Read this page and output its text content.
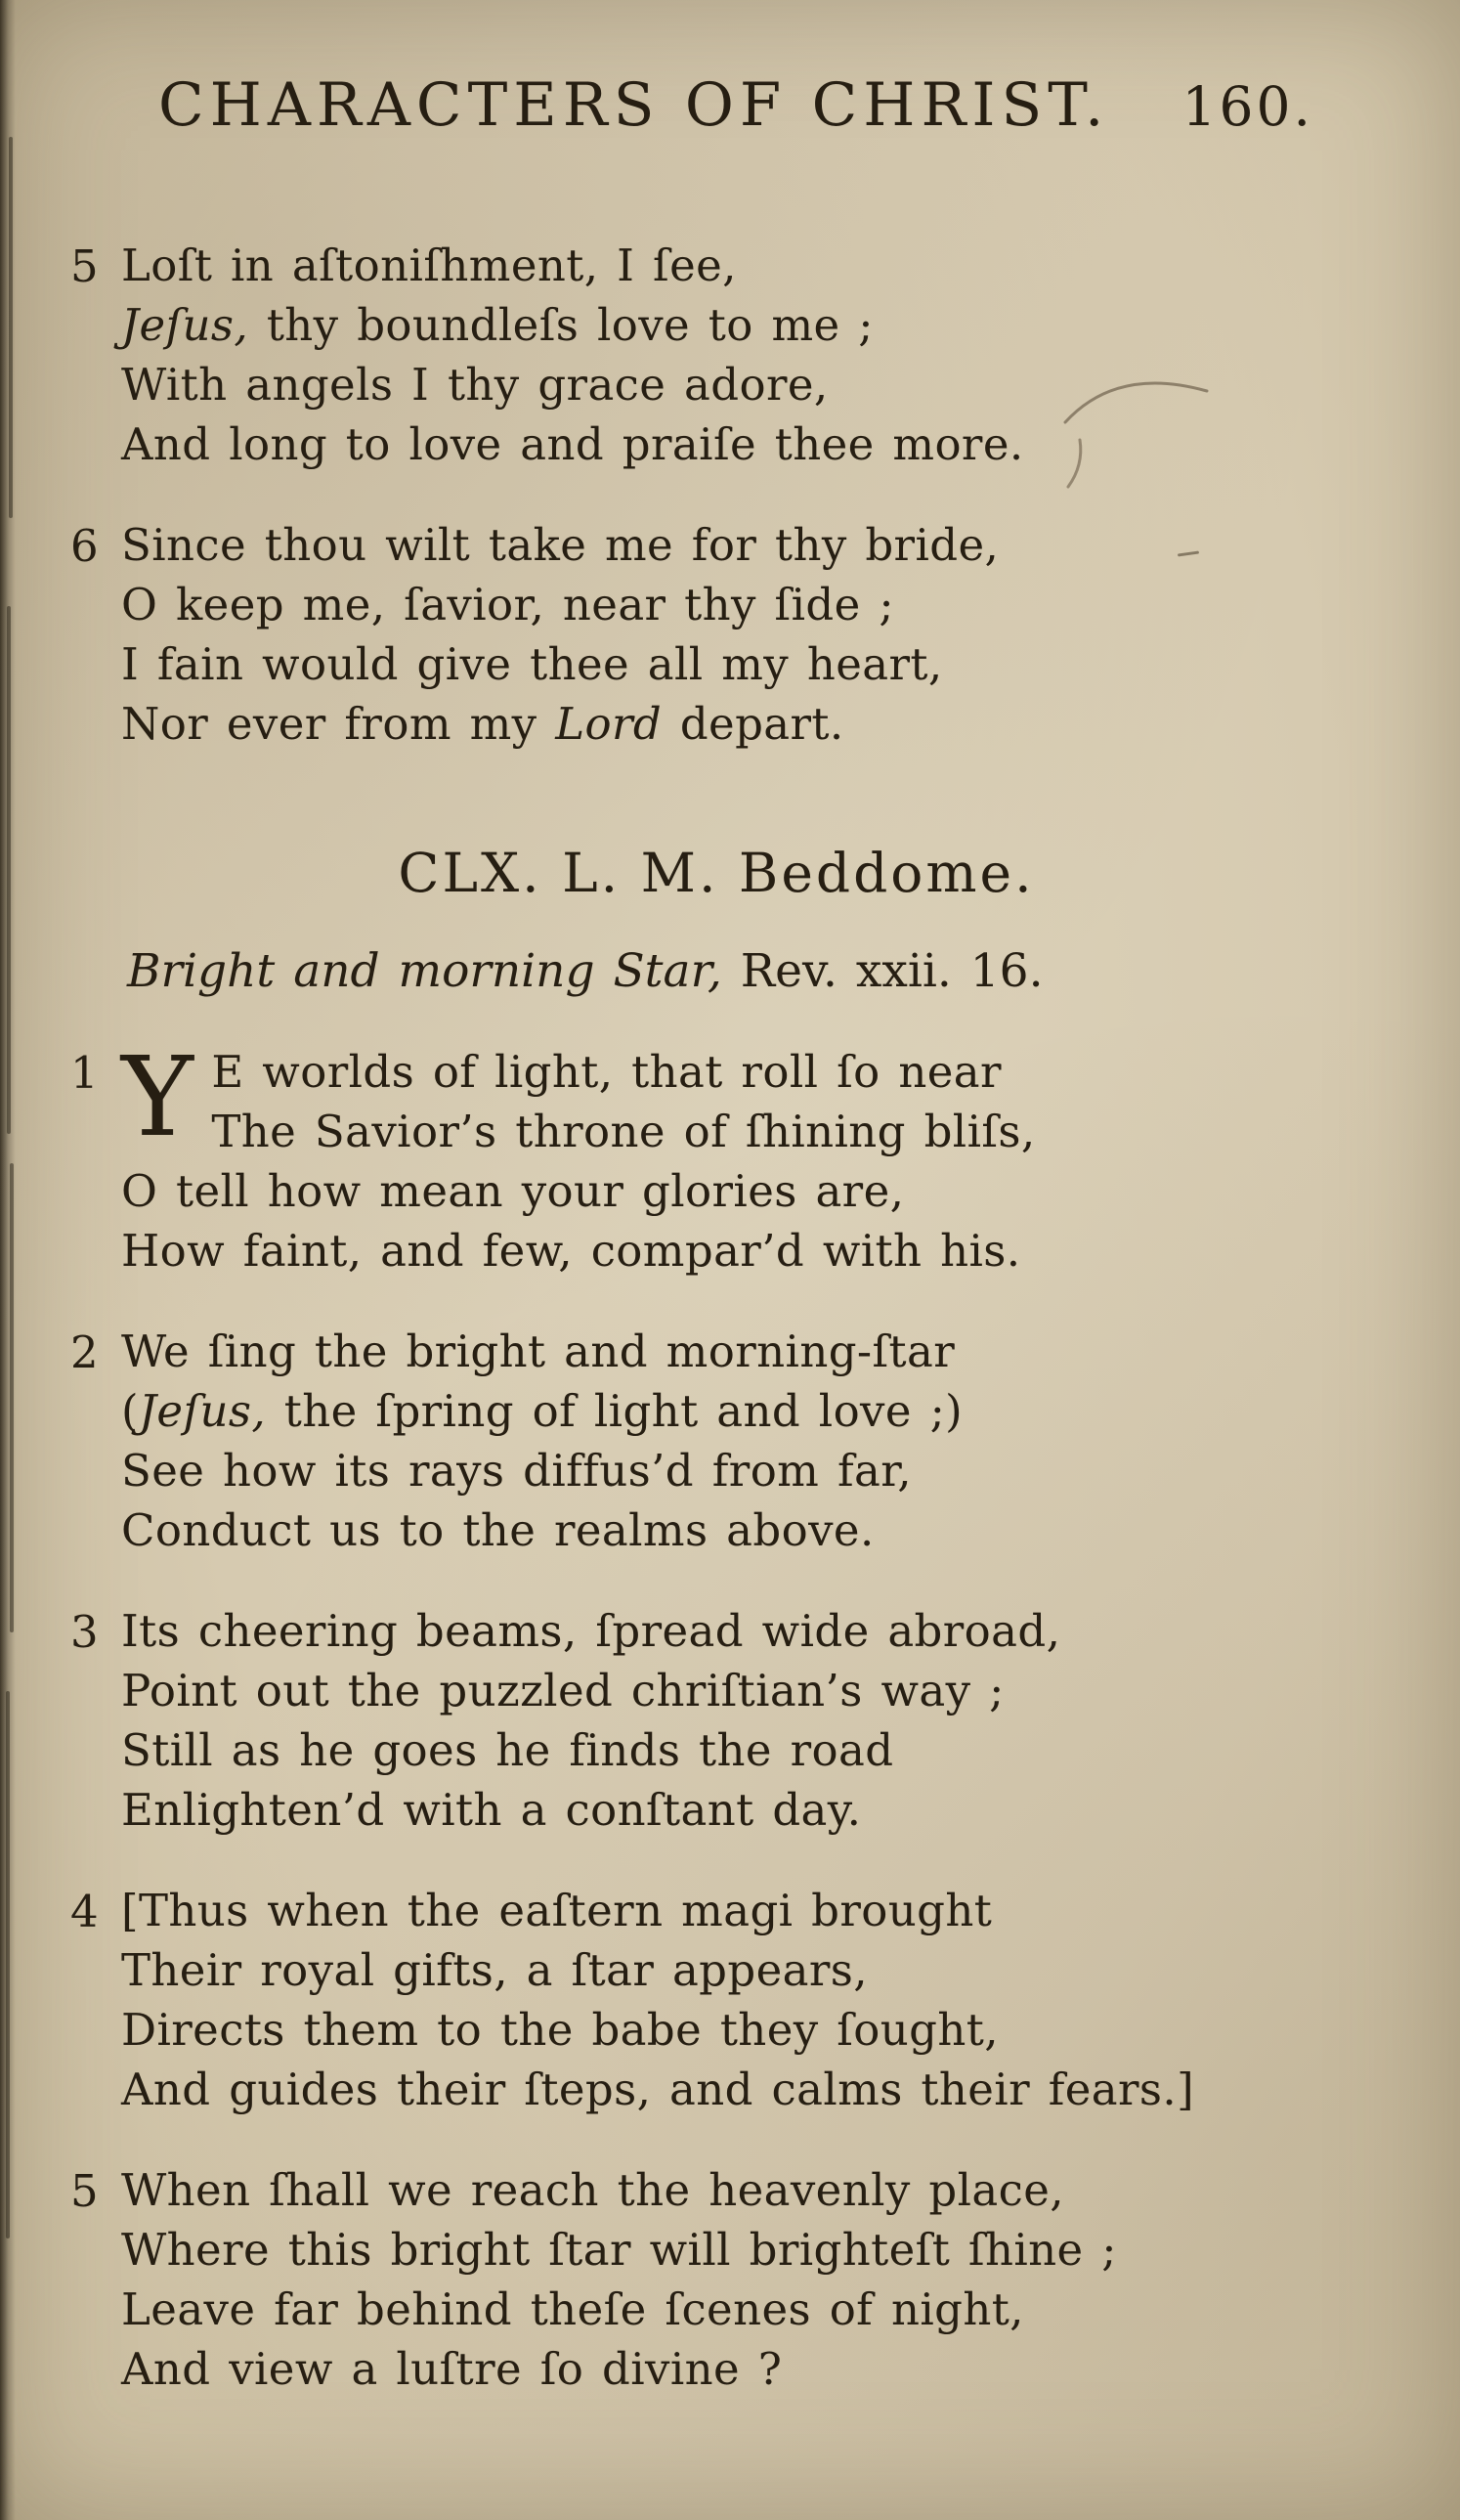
CHARACTERS OF CHRIST. 160.
5 Loſt in aſtoniſhment, I ſee,
Jeſus, thy boundleſs love to me ;
With angels I thy grace adore,
And long to love and praiſe thee more.
6 Since thou wilt take me for thy bride,
O keep me, ſavior, near thy ſide ;
I fain would give thee all my heart,
Nor ever from my Lord depart.
CLX. L. M. Beddome.
Bright and morning Star, Rev. xxii. 16.
1 Y E worlds of light, that roll ſo near
The Savior’s throne of ſhining bliſs,
O tell how mean your glories are,
How faint, and few, compar’d with his.
2 We ſing the bright and morning-ſtar
(Jeſus, the ſpring of light and love ;)
See how its rays diffus’d from far,
Conduct us to the realms above.
3 Its cheering beams, ſpread wide abroad,
Point out the puzzled chriſtian’s way ;
Still as he goes he finds the road
Enlighten’d with a conſtant day.
4 [Thus when the eaſtern magi brought
Their royal gifts, a ſtar appears,
Directs them to the babe they ſought,
And guides their ſteps, and calms their fears.]
5 When ſhall we reach the heavenly place,
Where this bright ſtar will brighteſt ſhine ;
Leave far behind theſe ſcenes of night,
And view a luſtre ſo divine ?
